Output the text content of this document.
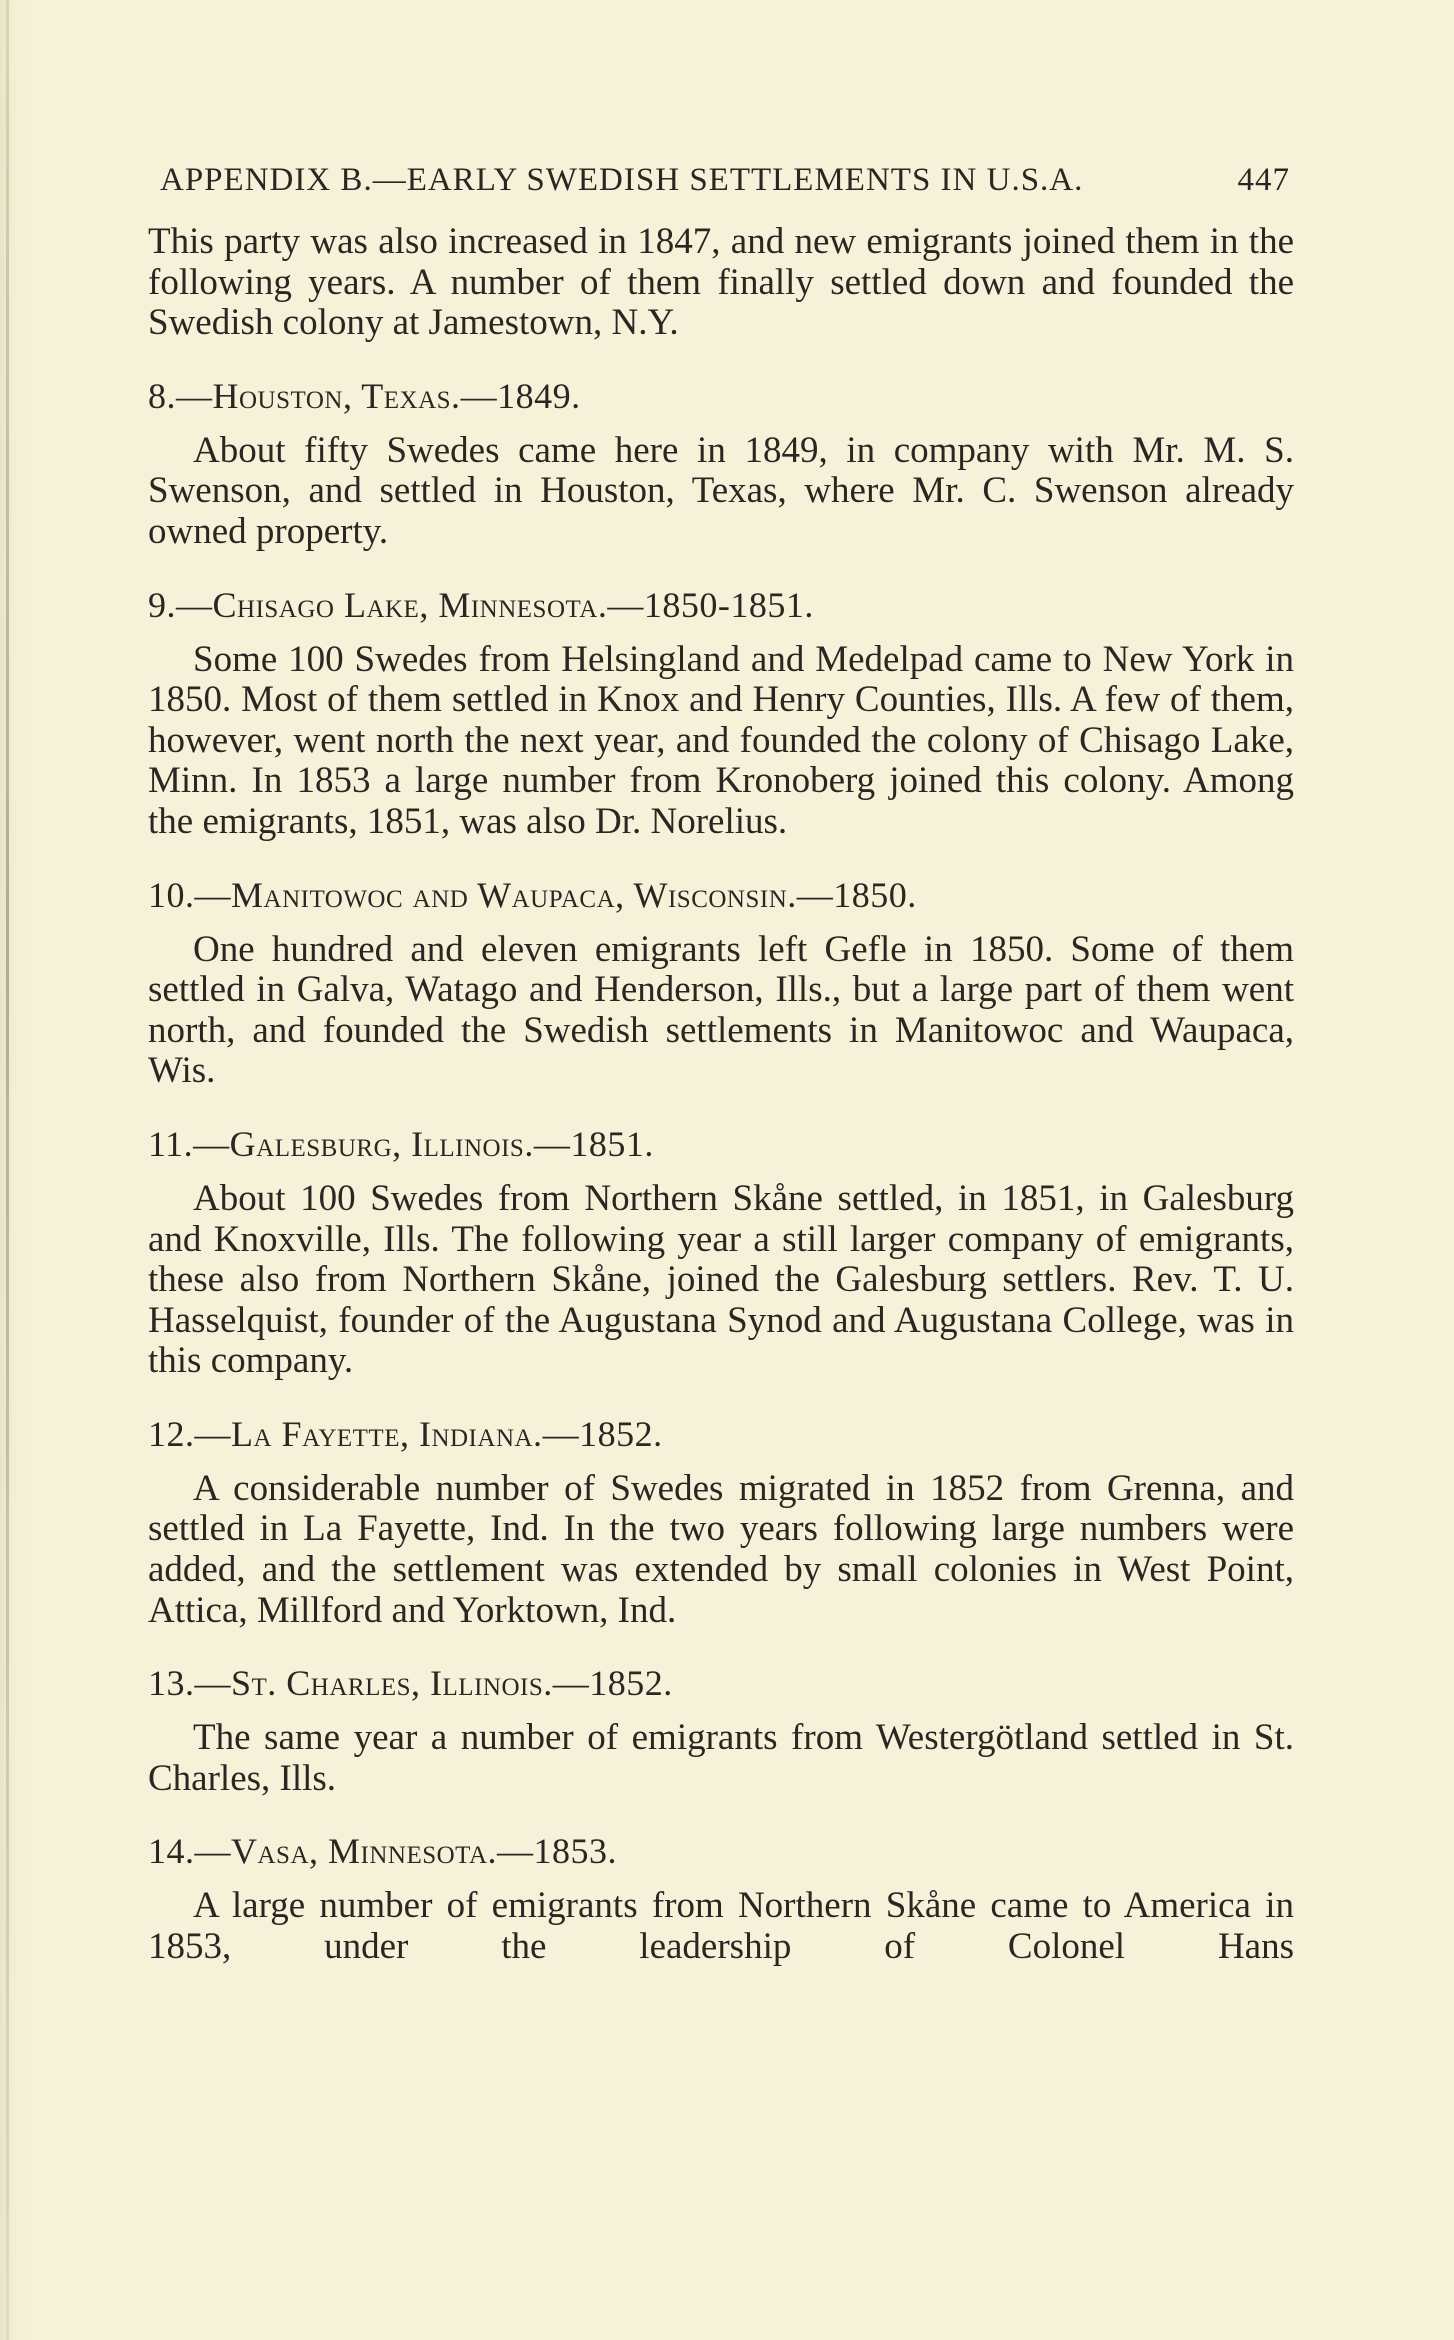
APPENDIX B.—EARLY SWEDISH SETTLEMENTS IN U.S.A.	447

This party was also increased in 1847, and new emigrants joined them in the following years. A number of them finally settled down and founded the Swedish colony at Jamestown, N.Y.

8.—Houston, Texas.—1849.

About fifty Swedes came here in 1849, in company with Mr. M. S. Swenson, and settled in Houston, Texas, where Mr. C. Swenson already owned property.

9.—Chisago Lake, Minnesota.—1850-1851.

Some 100 Swedes from Helsingland and Medelpad came to New York in 1850. Most of them settled in Knox and Henry Counties, Ills. A few of them, however, went north the next year, and founded the colony of Chisago Lake, Minn. In 1853 a large number from Kronoberg joined this colony. Among the emigrants, 1851, was also Dr. Norelius.

10.—Manitowoc and Waupaca, Wisconsin.—1850.

One hundred and eleven emigrants left Gefle in 1850. Some of them settled in Galva, Watago and Henderson, Ills., but a large part of them went north, and founded the Swedish settlements in Manitowoc and Waupaca, Wis.

11.—Galesburg, Illinois.—1851.

About 100 Swedes from Northern Skåne settled, in 1851, in Galesburg and Knoxville, Ills. The following year a still larger company of emigrants, these also from Northern Skåne, joined the Galesburg settlers. Rev. T. U. Hasselquist, founder of the Augustana Synod and Augustana College, was in this company.

12.—La Fayette, Indiana.—1852.

A considerable number of Swedes migrated in 1852 from Grenna, and settled in La Fayette, Ind. In the two years following large numbers were added, and the settlement was extended by small colonies in West Point, Attica, Millford and Yorktown, Ind.

13.—St. Charles, Illinois.—1852.

The same year a number of emigrants from Westergötland settled in St. Charles, Ills.

14.—Vasa, Minnesota.—1853.

A large number of emigrants from Northern Skåne came to America in 1853, under the leadership of Colonel Hans
